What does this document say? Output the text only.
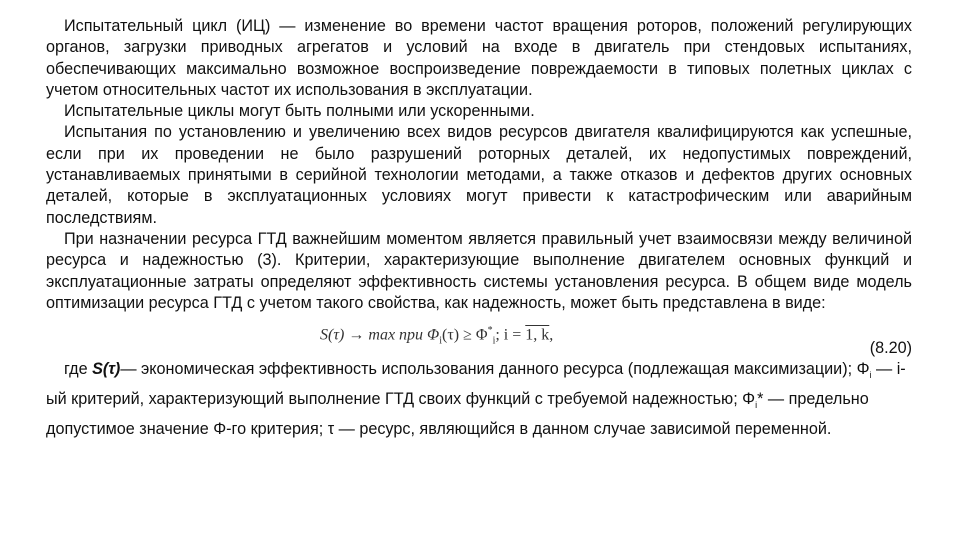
Испытательный цикл (ИЦ) — изменение во времени частот вращения роторов, положений регулирующих органов, загрузки приводных агрегатов и условий на входе в двигатель при стендовых испытаниях, обеспечивающих максимально возможное воспроизведение повреждаемости в типовых полетных циклах с учетом относительных частот их использования в эксплуатации.

Испытательные циклы могут быть полными или ускоренными.

Испытания по установлению и увеличению всех видов ресурсов двигателя квалифицируются как успешные, если при их проведении не было разрушений роторных деталей, их недопустимых повреждений, устанавливаемых принятыми в серийной технологии методами, а также отказов и дефектов других основных деталей, которые в эксплуатационных условиях могут привести к катастрофическим или аварийным последствиям.

При назначении ресурса ГТД важнейшим моментом является правильный учет взаимосвязи между величиной ресурса и надежностью (3). Критерии, характеризующие выполнение двигателем основных функций и эксплуатационные затраты определяют эффективность системы установления ресурса. В общем виде модель оптимизации ресурса ГТД с учетом такого свойства, как надежность, может быть представлена в виде:

S(τ) → max при $\Phi_i(\tau) \ge \Phi^*_i$; i = 1, k,
(8.20)

где S(τ)— экономическая эффективность использования данного ресурса (подлежащая максимизации); $\Phi_i$ — i-ый критерий, характеризующий выполнение ГТД своих функций с требуемой надежностью; $\Phi_i*$ — предельно допустимое значение Φ-го критерия; τ — ресурс, являющийся в данном случае зависимой переменной.
